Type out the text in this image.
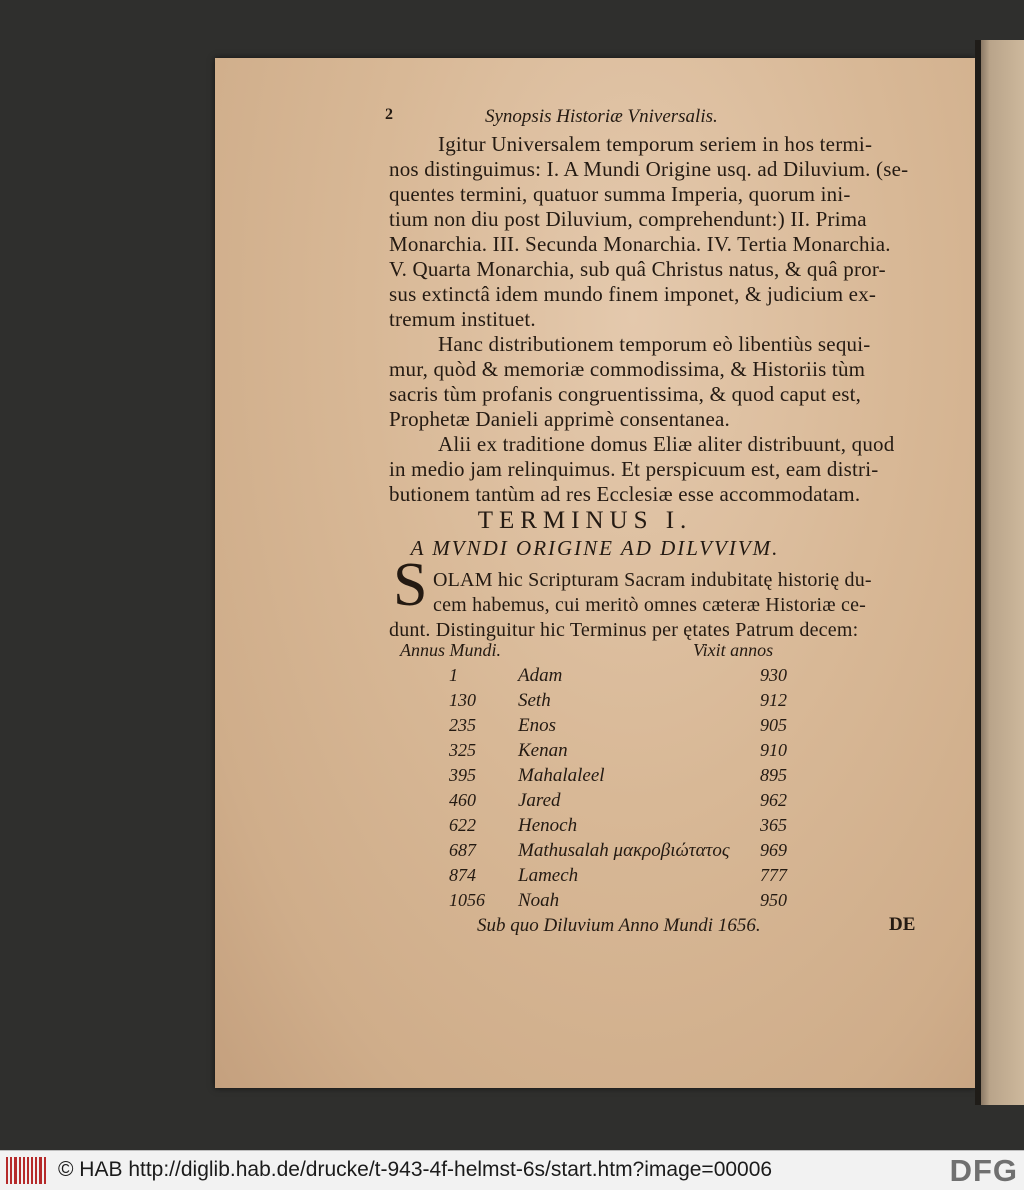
2	Synopsis Historiæ Vniversalis.
Igitur Universalem temporum seriem in hos termi-
nos distinguimus: I. A Mundi Origine usq. ad Diluvium. (se-
quentes termini, quatuor summa Imperia, quorum ini-
tium non diu post Diluvium, comprehendunt:) II. Prima
Monarchia. III. Secunda Monarchia. IV. Tertia Monarchia.
V. Quarta Monarchia, sub quâ Christus natus, & quâ pror-
sus extinctâ idem mundo finem imponet, & judicium ex-
tremum instituet.
Hanc distributionem temporum eò libentiùs sequi-
mur, quòd & memoriæ commodissima, & Historiis tùm
sacris tùm profanis congruentissima, & quod caput est,
Prophetæ Danieli apprimè consentanea.
Alii ex traditione domus Eliæ aliter distribuunt, quod
in medio jam relinquimus. Et perspicuum est, eam distri-
butionem tantùm ad res Ecclesiæ esse accommodatam.
TERMINUS I.
A MVNDI ORIGINE AD DILVVIVM.
S OLAM hic Scripturam Sacram indubitatę historię du-
cem habemus, cui meritò omnes cæteræ Historiæ ce-
dunt. Distinguitur hic Terminus per ętates Patrum decem:
Annus Mundi.	Vixit annos
1	Adam	930
130 Seth	912
235 Enos	905
325 Kenan	910
395 Mahalaleel	895
460 Jared	962
622 Henoch	365
687 Mathusalah μακροβιώτατος 969
874 Lamech	777
1056 Noah	950
Sub quo Diluvium Anno Mundi 1656.	DE
© HAB http://diglib.hab.de/drucke/t-943-4f-helmst-6s/start.htm?image=00006	DFG
